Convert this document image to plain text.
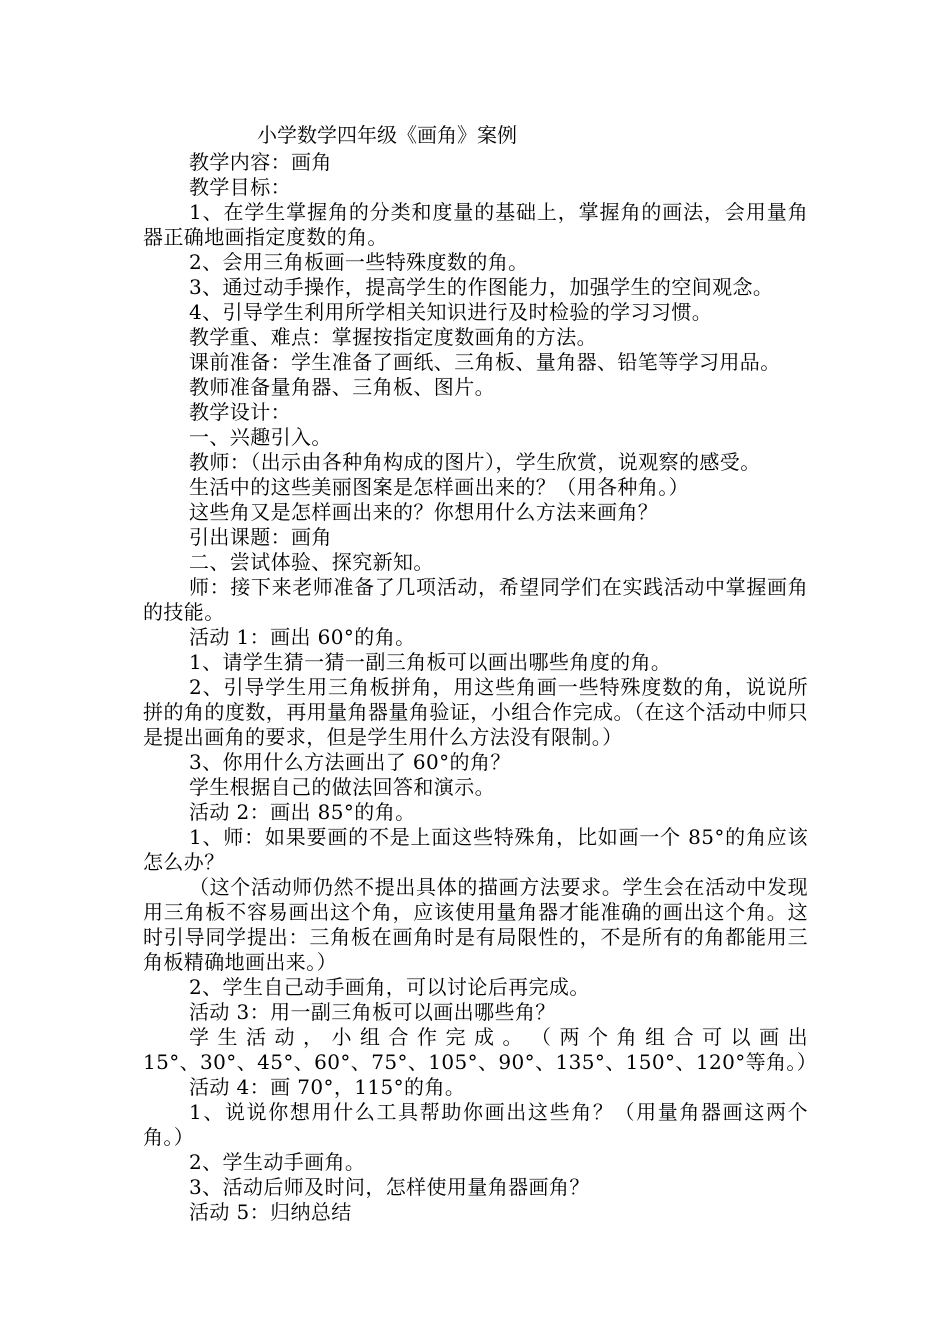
小学数学四年级《画角》案例

教学内容：画角

教学目标：

1、在学生掌握角的分类和度量的基础上，掌握角的画法，会用量角器正确地画指定度数的角。

2、会用三角板画一些特殊度数的角。

3、通过动手操作，提高学生的作图能力，加强学生的空间观念。

4、引导学生利用所学相关知识进行及时检验的学习习惯。

教学重、难点：掌握按指定度数画角的方法。

课前准备：学生准备了画纸、三角板、量角器、铅笔等学习用品。

教师准备量角器、三角板、图片。

教学设计：

一、兴趣引入。

教师：（出示由各种角构成的图片），学生欣赏，说观察的感受。

生活中的这些美丽图案是怎样画出来的？（用各种角。）

这些角又是怎样画出来的？你想用什么方法来画角？

引出课题：画角

二、尝试体验、探究新知。

师：接下来老师准备了几项活动，希望同学们在实践活动中掌握画角的技能。

活动 1：画出 60°的角。

1、请学生猜一猜一副三角板可以画出哪些角度的角。

2、引导学生用三角板拼角，用这些角画一些特殊度数的角，说说所拼的角的度数，再用量角器量角验证，小组合作完成。（在这个活动中师只是提出画角的要求，但是学生用什么方法没有限制。）

3、你用什么方法画出了 60°的角？

学生根据自己的做法回答和演示。

活动 2：画出 85°的角。

1、师：如果要画的不是上面这些特殊角，比如画一个 85°的角应该怎么办？

（这个活动师仍然不提出具体的描画方法要求。学生会在活动中发现用三角板不容易画出这个角，应该使用量角器才能准确的画出这个角。这时引导同学提出：三角板在画角时是有局限性的，不是所有的角都能用三角板精确地画出来。）

2、学生自己动手画角，可以讨论后再完成。

活动 3：用一副三角板可以画出哪些角？

学 生 活 动 ， 小 组 合 作 完 成 。 （ 两 个 角 组 合 可 以 画 出 15°、30°、45°、60°、75°、105°、90°、135°、150°、120°等角。）

活动 4：画 70°，115°的角。

1、说说你想用什么工具帮助你画出这些角？（用量角器画这两个角。）

2、学生动手画角。

3、活动后师及时问，怎样使用量角器画角？

活动 5：归纳总结
